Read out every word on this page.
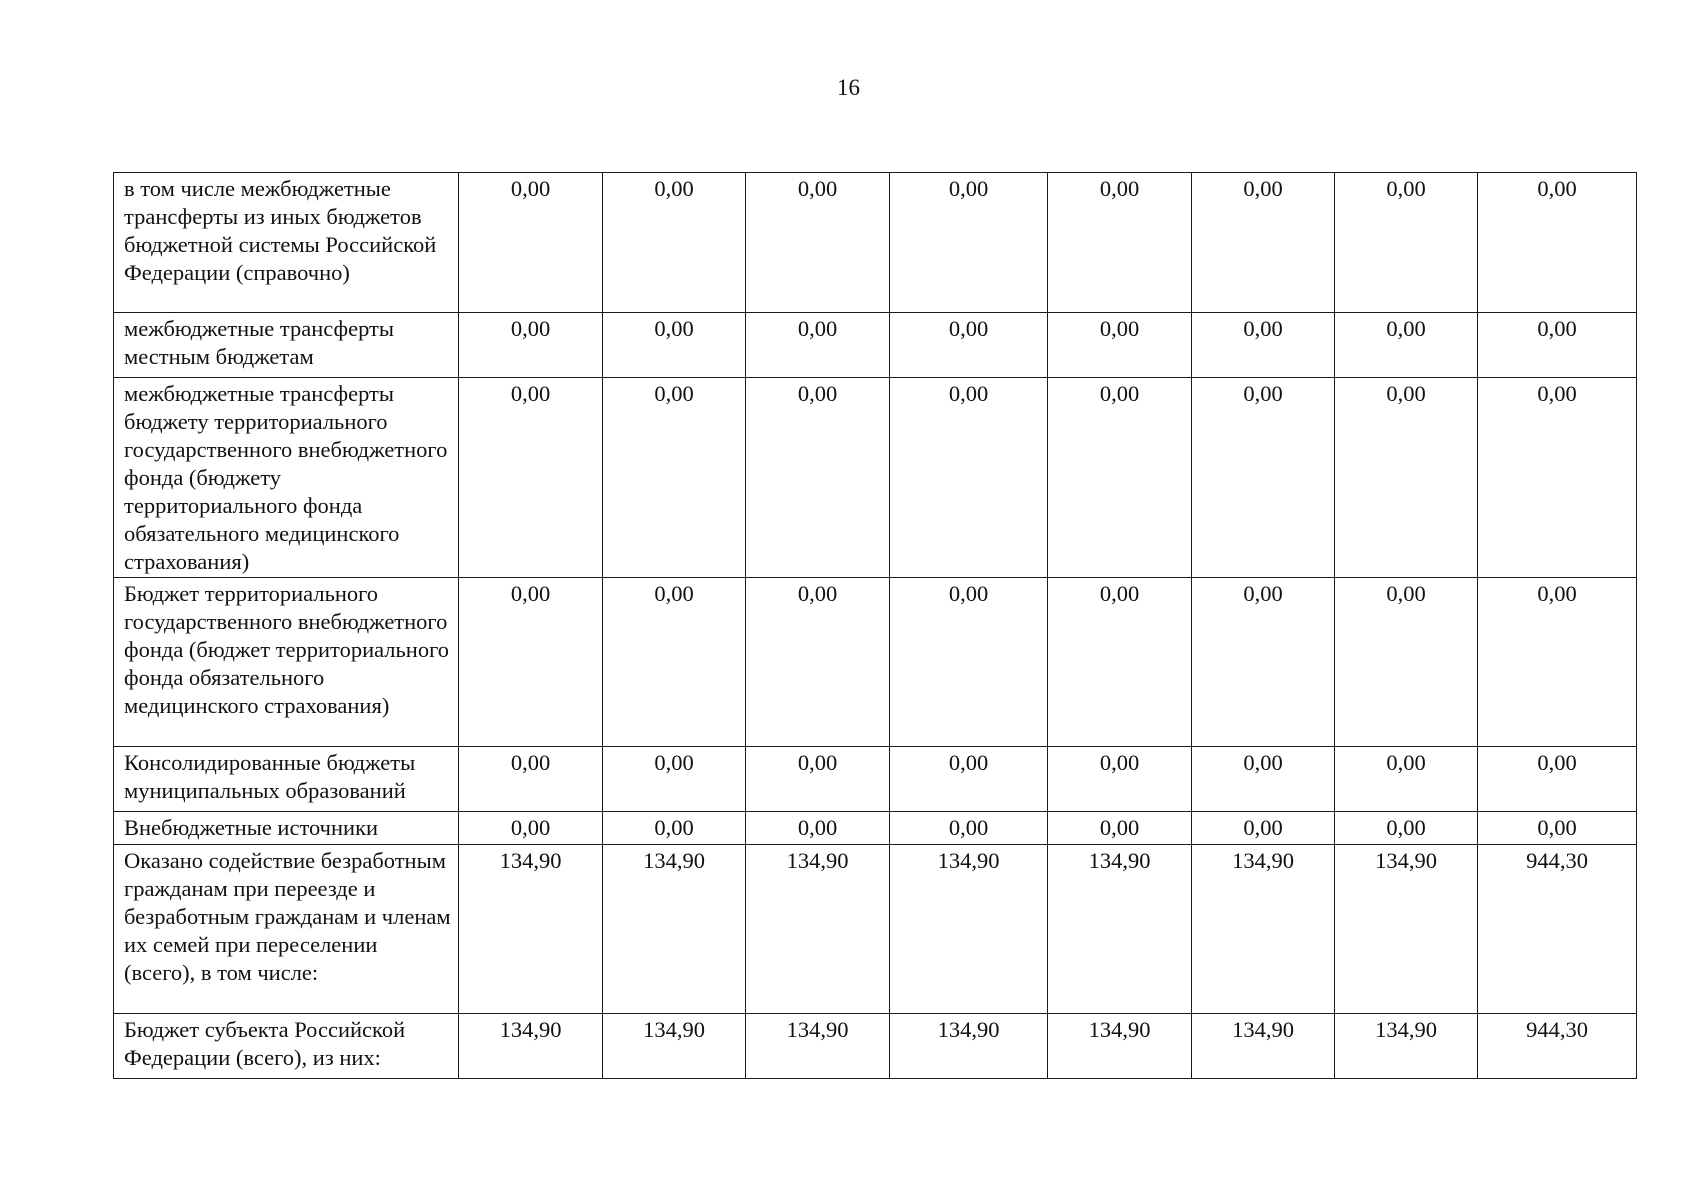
16
в том числе межбюджетные трансферты из иных бюджетов бюджетной системы Российской Федерации (справочно)	0,00	0,00	0,00	0,00	0,00	0,00	0,00	0,00
межбюджетные трансферты местным бюджетам	0,00	0,00	0,00	0,00	0,00	0,00	0,00	0,00
межбюджетные трансферты бюджету территориального государственного внебюджетного фонда (бюджету территориального фонда обязательного медицинского страхования)	0,00	0,00	0,00	0,00	0,00	0,00	0,00	0,00
Бюджет территориального государственного внебюджетного фонда (бюджет территориального фонда обязательного медицинского страхования)	0,00	0,00	0,00	0,00	0,00	0,00	0,00	0,00
Консолидированные бюджеты муниципальных образований	0,00	0,00	0,00	0,00	0,00	0,00	0,00	0,00
Внебюджетные источники	0,00	0,00	0,00	0,00	0,00	0,00	0,00	0,00
Оказано содействие безработным гражданам при переезде и безработным гражданам и членам их семей при переселении (всего), в том числе:	134,90	134,90	134,90	134,90	134,90	134,90	134,90	944,30
Бюджет субъекта Российской Федерации (всего), из них:	134,90	134,90	134,90	134,90	134,90	134,90	134,90	944,30
